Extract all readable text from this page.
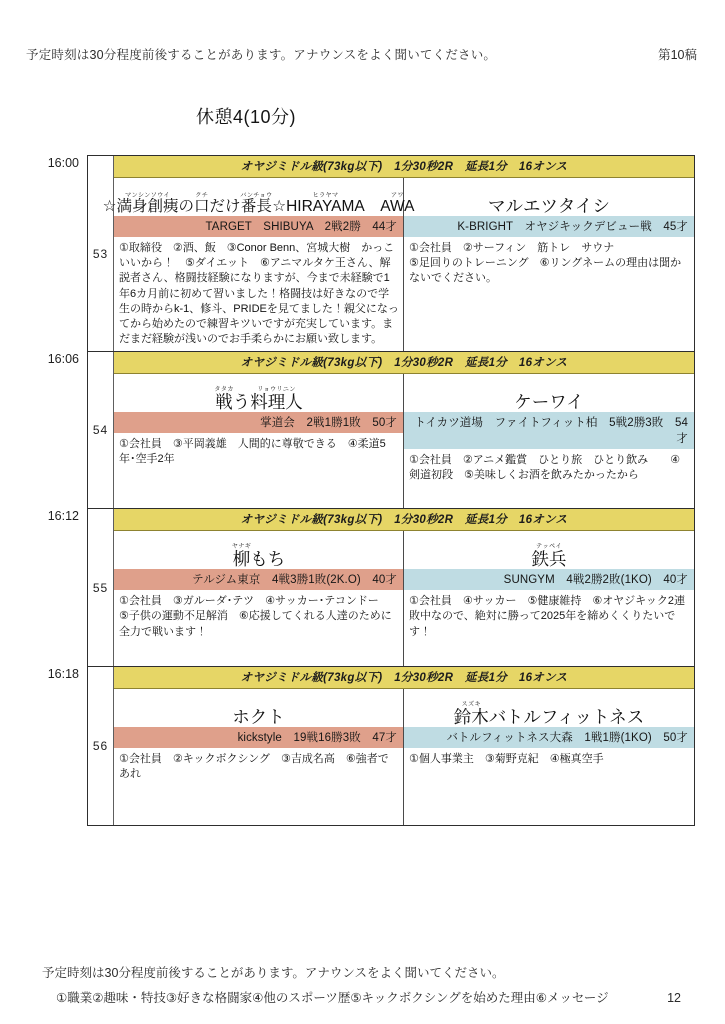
予定時刻は30分程度前後することがあります。アナウンスをよく聞いてください。	第10稿
休憩4(10分)
16:00
53
オヤジミドル級(73kg以下)　1分30秒2R　延長1分　16オンス
☆満身創痍マンシンソウイの口クチだけ番長バンチョウ☆HIRAYAMAヒラヤマ　AWAアワ
TARGET　SHIBUYA　2戦2勝　44才
①取締役　②酒、飯　③Conor Benn、宮城大樹　かっこいいから！　⑤ダイエット　⑥アニマルタケ王さん、解説者さん、格闘技経験になりますが、今まで未経験で1年6カ月前に初めて習いました！格闘技は好きなので学生の時からk-1、修斗、PRIDEを見てました！親父になってから始めたので練習キツいですが充実しています。まだまだ経験が浅いのでお手柔らかにお願い致します。
マルエツタイシ
K-BRIGHT　オヤジキックデビュー戦　45才
①会社員　②サーフィン　筋トレ　サウナ
⑤足回りのトレーニング　⑥リングネームの理由は聞かないでください。
16:06
54
オヤジミドル級(73kg以下)　1分30秒2R　延長1分　16オンス
戦タタカう料理人リョウリニン
掌道会　2戦1勝1敗　50才
①会社員　③平岡義雄　人間的に尊敬できる　④柔道5年･空手2年
ケーワイ
トイカツ道場　ファイトフィット柏　5戦2勝3敗　54才
①会社員　②アニメ鑑賞　ひとり旅　ひとり飲み　　④剣道初段　⑤美味しくお酒を飲みたかったから
16:12
55
オヤジミドル級(73kg以下)　1分30秒2R　延長1分　16オンス
柳ヤナギもち
テルジム東京　4戦3勝1敗(2K.O)　40才
①会社員　③ガルーダ･テツ　④サッカー･テコンドー　⑤子供の運動不足解消　⑥応援してくれる人達のために全力で戦います！
鉄兵テッペイ
SUNGYM　4戦2勝2敗(1KO)　40才
①会社員　④サッカー　⑤健康維持　⑥オヤジキック2連敗中なので、絶対に勝って2025年を締めくくりたいです！
16:18
56
オヤジミドル級(73kg以下)　1分30秒2R　延長1分　16オンス
ホクト
kickstyle　19戦16勝3敗　47才
①会社員　②キックボクシング　③吉成名高　⑥強者であれ
鈴木スズキバトルフィットネス
バトルフィットネス大森　1戦1勝(1KO)　50才
①個人事業主　③菊野克紀　④極真空手
予定時刻は30分程度前後することがあります。アナウンスをよく聞いてください。
①職業②趣味・特技③好きな格闘家④他のスポーツ歴⑤キックボクシングを始めた理由⑥メッセージ	12
